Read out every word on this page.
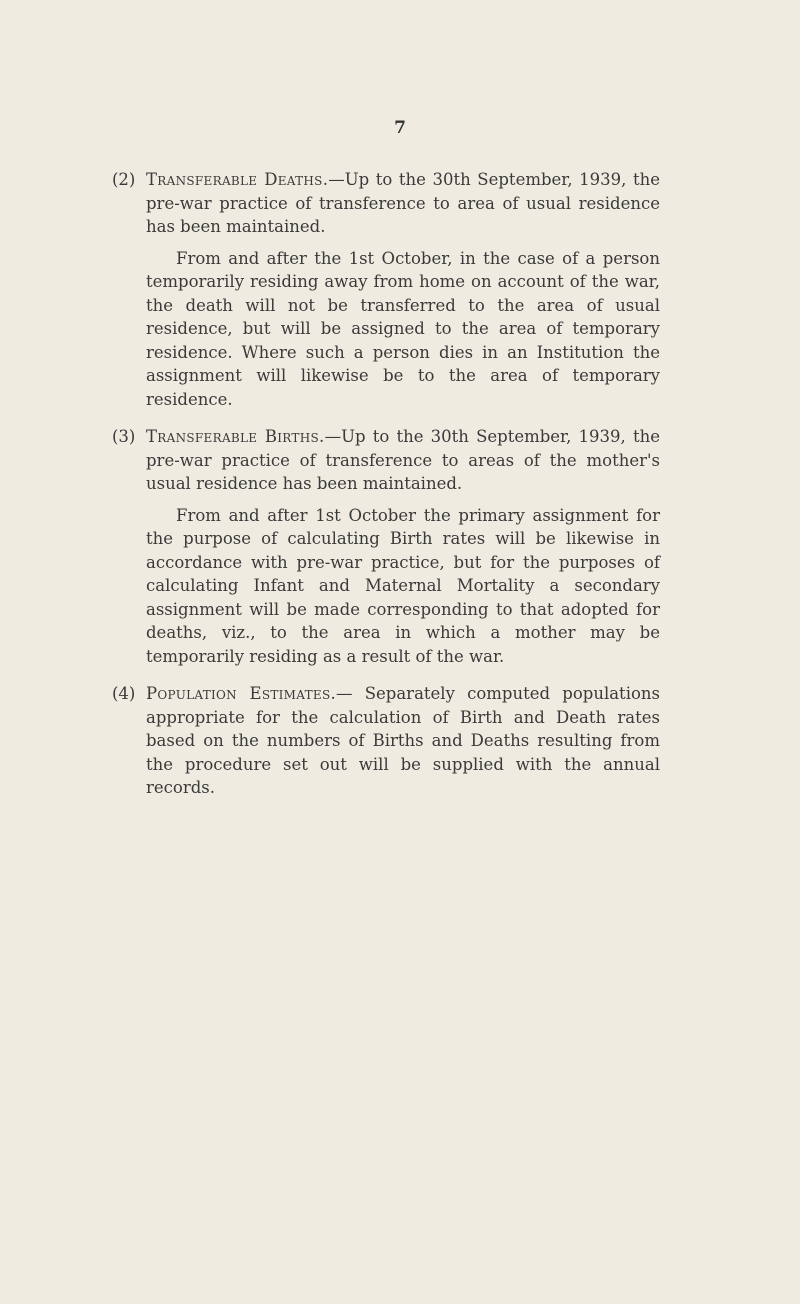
7

(2) Transferable Deaths.—Up to the 30th September, 1939, the pre-war practice of transference to area of usual residence has been maintained.

From and after the 1st October, in the case of a person temporarily residing away from home on account of the war, the death will not be transferred to the area of usual residence, but will be assigned to the area of temporary residence. Where such a person dies in an Institution the assignment will likewise be to the area of temporary residence.

(3) Transferable Births.—Up to the 30th September, 1939, the pre-war practice of transference to areas of the mother's usual residence has been maintained.

From and after 1st October the primary assignment for the purpose of calculating Birth rates will be likewise in accordance with pre-war practice, but for the purposes of calculating Infant and Maternal Mortality a secondary assignment will be made corresponding to that adopted for deaths, viz., to the area in which a mother may be temporarily residing as a result of the war.

(4) Population Estimates.— Separately computed populations appropriate for the calculation of Birth and Death rates based on the numbers of Births and Deaths resulting from the procedure set out will be supplied with the annual records.
